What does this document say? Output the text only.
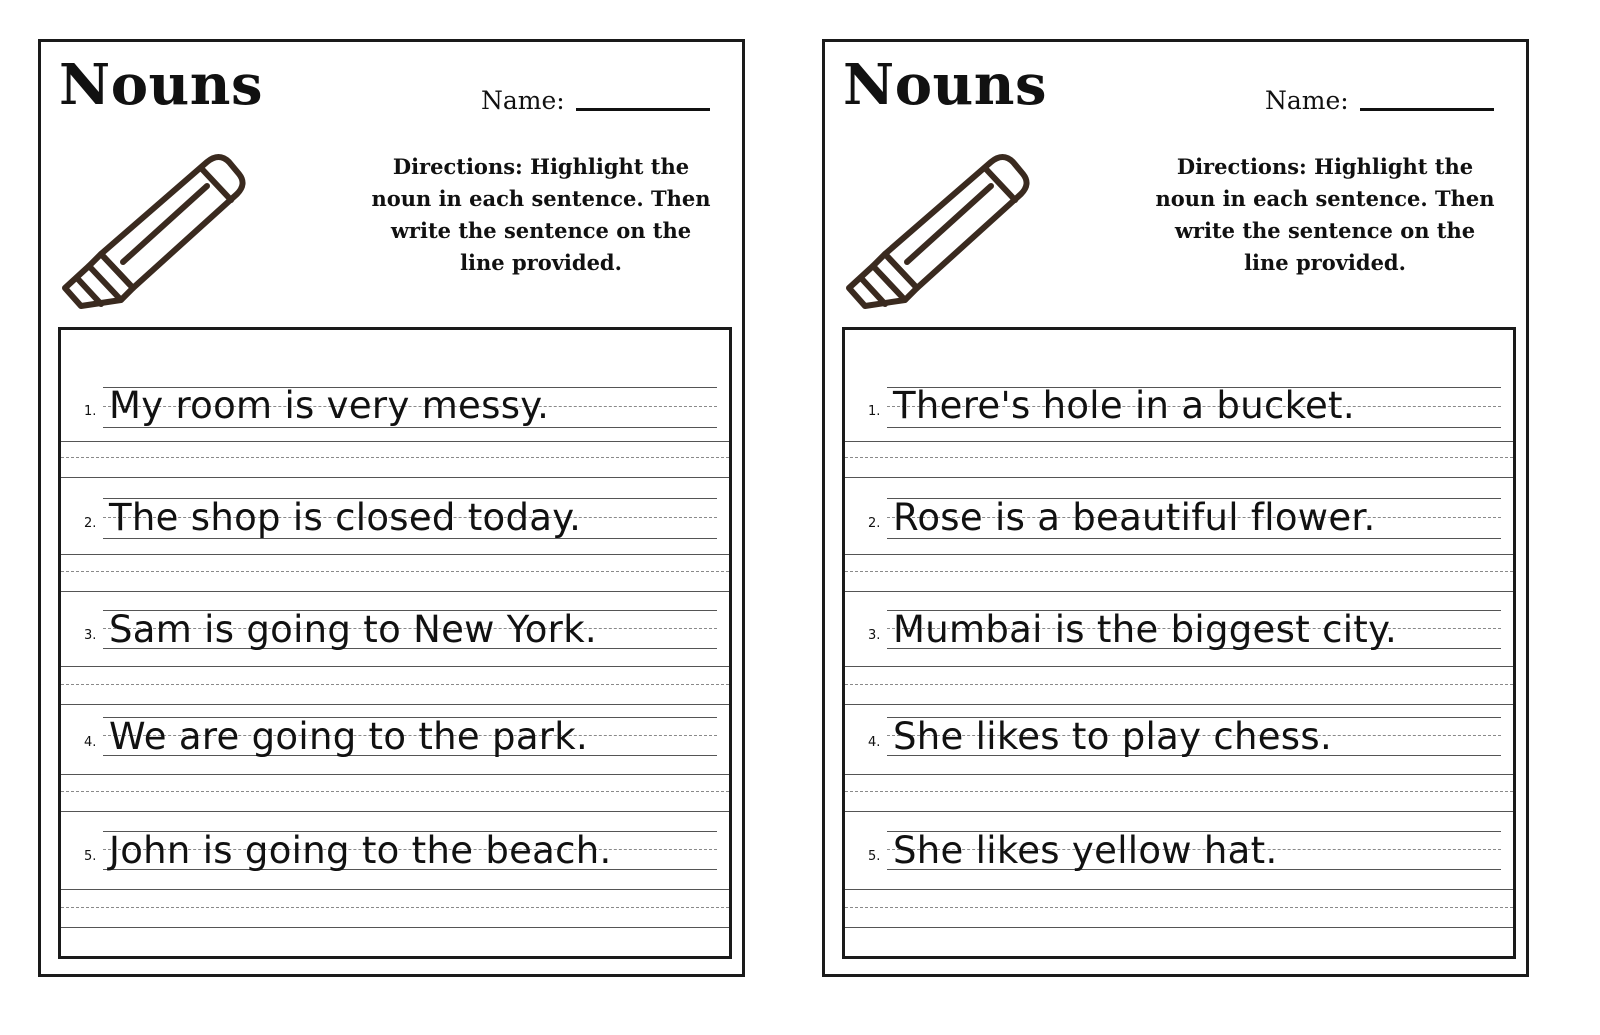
Nouns	Name:
Directions: Highlight the noun in each sentence. Then write the sentence on the line provided.
1. My room is very messy.
2. The shop is closed today.
3. Sam is going to New York.
4. We are going to the park.
5. John is going to the beach.
Nouns	Name:
Directions: Highlight the noun in each sentence. Then write the sentence on the line provided.
1. There's hole in a bucket.
2. Rose is a beautiful flower.
3. Mumbai is the biggest city.
4. She likes to play chess.
5. She likes yellow hat.
